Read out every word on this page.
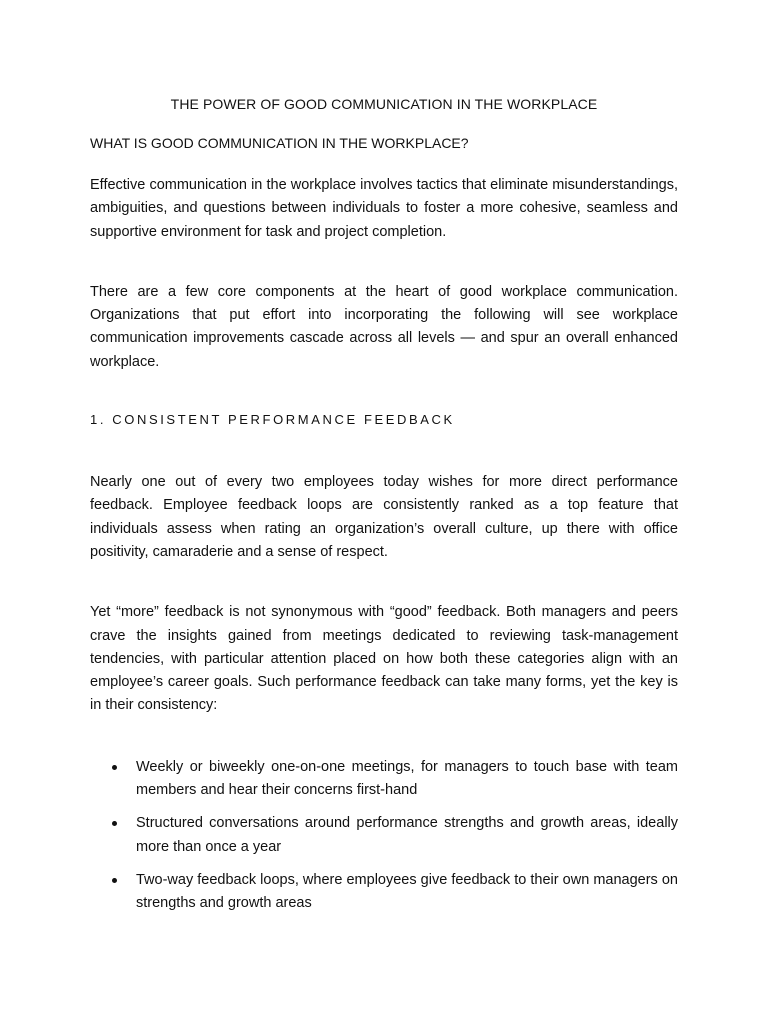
THE POWER OF GOOD COMMUNICATION IN THE WORKPLACE
WHAT IS GOOD COMMUNICATION IN THE WORKPLACE?

Effective communication in the workplace involves tactics that eliminate misunderstandings, ambiguities, and questions between individuals to foster a more cohesive, seamless and supportive environment for task and project completion.

There are a few core components at the heart of good workplace communication. Organizations that put effort into incorporating the following will see workplace communication improvements cascade across all levels — and spur an overall enhanced workplace.

1. CONSISTENT PERFORMANCE FEEDBACK

Nearly one out of every two employees today wishes for more direct performance feedback. Employee feedback loops are consistently ranked as a top feature that individuals assess when rating an organization’s overall culture, up there with office positivity, camaraderie and a sense of respect.

Yet “more” feedback is not synonymous with “good” feedback. Both managers and peers crave the insights gained from meetings dedicated to reviewing task-management tendencies, with particular attention placed on how both these categories align with an employee’s career goals. Such performance feedback can take many forms, yet the key is in their consistency:

Weekly or biweekly one-on-one meetings, for managers to touch base with team members and hear their concerns first-hand
Structured conversations around performance strengths and growth areas, ideally more than once a year
Two-way feedback loops, where employees give feedback to their own managers on strengths and growth areas
